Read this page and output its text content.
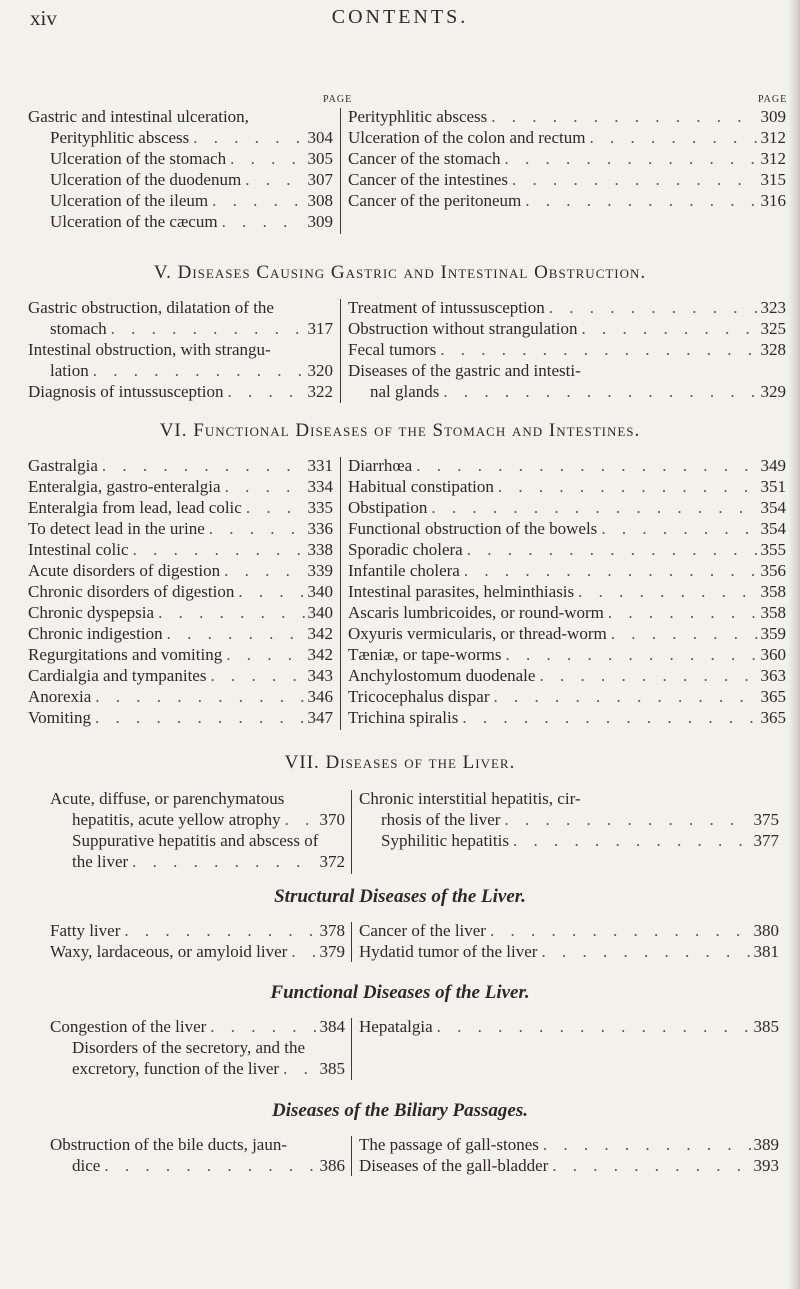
xiv	CONTENTS.
PAGE	PAGE
Gastric and intestinal ulceration,
Perityphlitic abscess . . .	304
Ulceration of the stomach . . .	305
Ulceration of the duodenum . . .	307
Ulceration of the ileum . . .	308
Ulceration of the cæcum . . .	309
Perityphlitic abscess . . .	309
Ulceration of the colon and rectum . . .	312
Cancer of the stomach . . .	312
Cancer of the intestines . . .	315
Cancer of the peritoneum . . .	316
V. Diseases Causing Gastric and Intestinal Obstruction.
Gastric obstruction, dilatation of the
stomach . . .	317
Intestinal obstruction, with strangu-
lation . . .	320
Diagnosis of intussusception . . .	322
Treatment of intussusception . . .	323
Obstruction without strangulation . . .	325
Fecal tumors . . .	328
Diseases of the gastric and intesti-
nal glands . . .	329
VI. Functional Diseases of the Stomach and Intestines.
Gastralgia . . .	331
Enteralgia, gastro-enteralgia . . .	334
Enteralgia from lead, lead colic . . .	335
To detect lead in the urine . . .	336
Intestinal colic . . .	338
Acute disorders of digestion . . .	339
Chronic disorders of digestion . . .	340
Chronic dyspepsia . . .	340
Chronic indigestion . . .	342
Regurgitations and vomiting . . .	342
Cardialgia and tympanites . . .	343
Anorexia . . .	346
Vomiting . . .	347
Diarrhœa . . .	349
Habitual constipation . . .	351
Obstipation . . .	354
Functional obstruction of the bowels . . .	354
Sporadic cholera . . .	355
Infantile cholera . . .	356
Intestinal parasites, helminthiasis . . .	358
Ascaris lumbricoides, or round-worm . . .	358
Oxyuris vermicularis, or thread-worm . . .	359
Tæniæ, or tape-worms . . .	360
Anchylostomum duodenale . . .	363
Tricocephalus dispar . . .	365
Trichina spiralis . . .	365
VII. Diseases of the Liver.
Acute, diffuse, or parenchymatous
hepatitis, acute yellow atrophy . . . 370
Suppurative hepatitis and abscess of
the liver . . .	372
Chronic interstitial hepatitis, cir-
rhosis of the liver . . .	375
Syphilitic hepatitis . . .	377
Structural Diseases of the Liver.
Fatty liver . . .	378
Waxy, lardaceous, or amyloid liver . . . 379
Cancer of the liver . . .	380
Hydatid tumor of the liver . . .	381
Functional Diseases of the Liver.
Congestion of the liver . . .	384
Disorders of the secretory, and the
excretory, function of the liver . . . 385
Hepatalgia . . .	385
Diseases of the Biliary Passages.
Obstruction of the bile ducts, jaun-
dice . . .	386
The passage of gall-stones . . .	389
Diseases of the gall-bladder . . .	393
